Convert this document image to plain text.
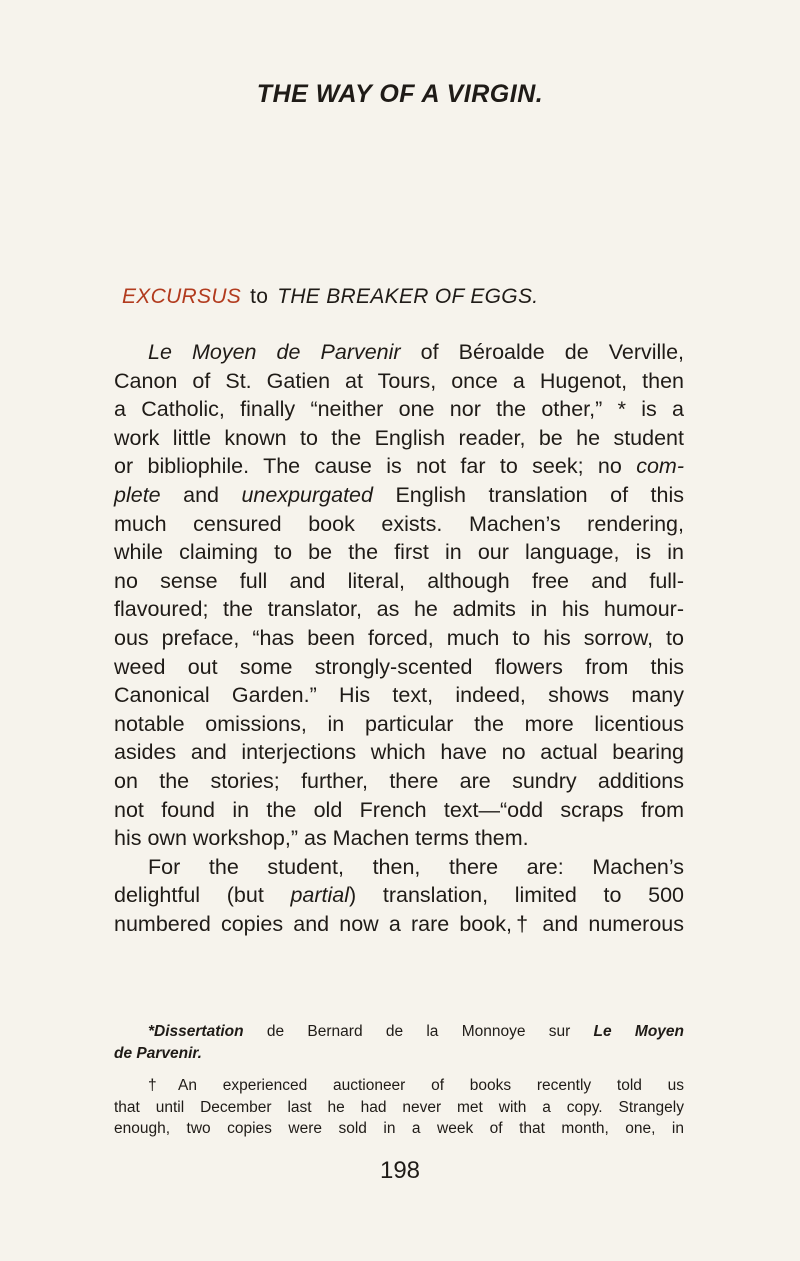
THE WAY OF A VIRGIN.
EXCURSUS to THE BREAKER OF EGGS.
Le Moyen de Parvenir of Béroalde de Verville,
Canon of St. Gatien at Tours, once a Hugenot, then
a Catholic, finally “neither one nor the other,” * is a
work little known to the English reader, be he student
or bibliophile. The cause is not far to seek; no com-
plete and unexpurgated English translation of this
much censured book exists. Machen’s rendering,
while claiming to be the first in our language, is in
no sense full and literal, although free and full-
flavoured; the translator, as he admits in his humour-
ous preface, “has been forced, much to his sorrow, to
weed out some strongly-scented flowers from this
Canonical Garden.” His text, indeed, shows many
notable omissions, in particular the more licentious
asides and interjections which have no actual bearing
on the stories; further, there are sundry additions
not found in the old French text—“odd scraps from
his own workshop,” as Machen terms them.
For the student, then, there are: Machen’s
delightful (but partial) translation, limited to 500
numbered copies and now a rare book,† and numerous
*Dissertation de Bernard de la Monnoye sur Le Moyen
de Parvenir.
†An experienced auctioneer of books recently told us
that until December last he had never met with a copy. Strangely
enough, two copies were sold in a week of that month, one, in
198
